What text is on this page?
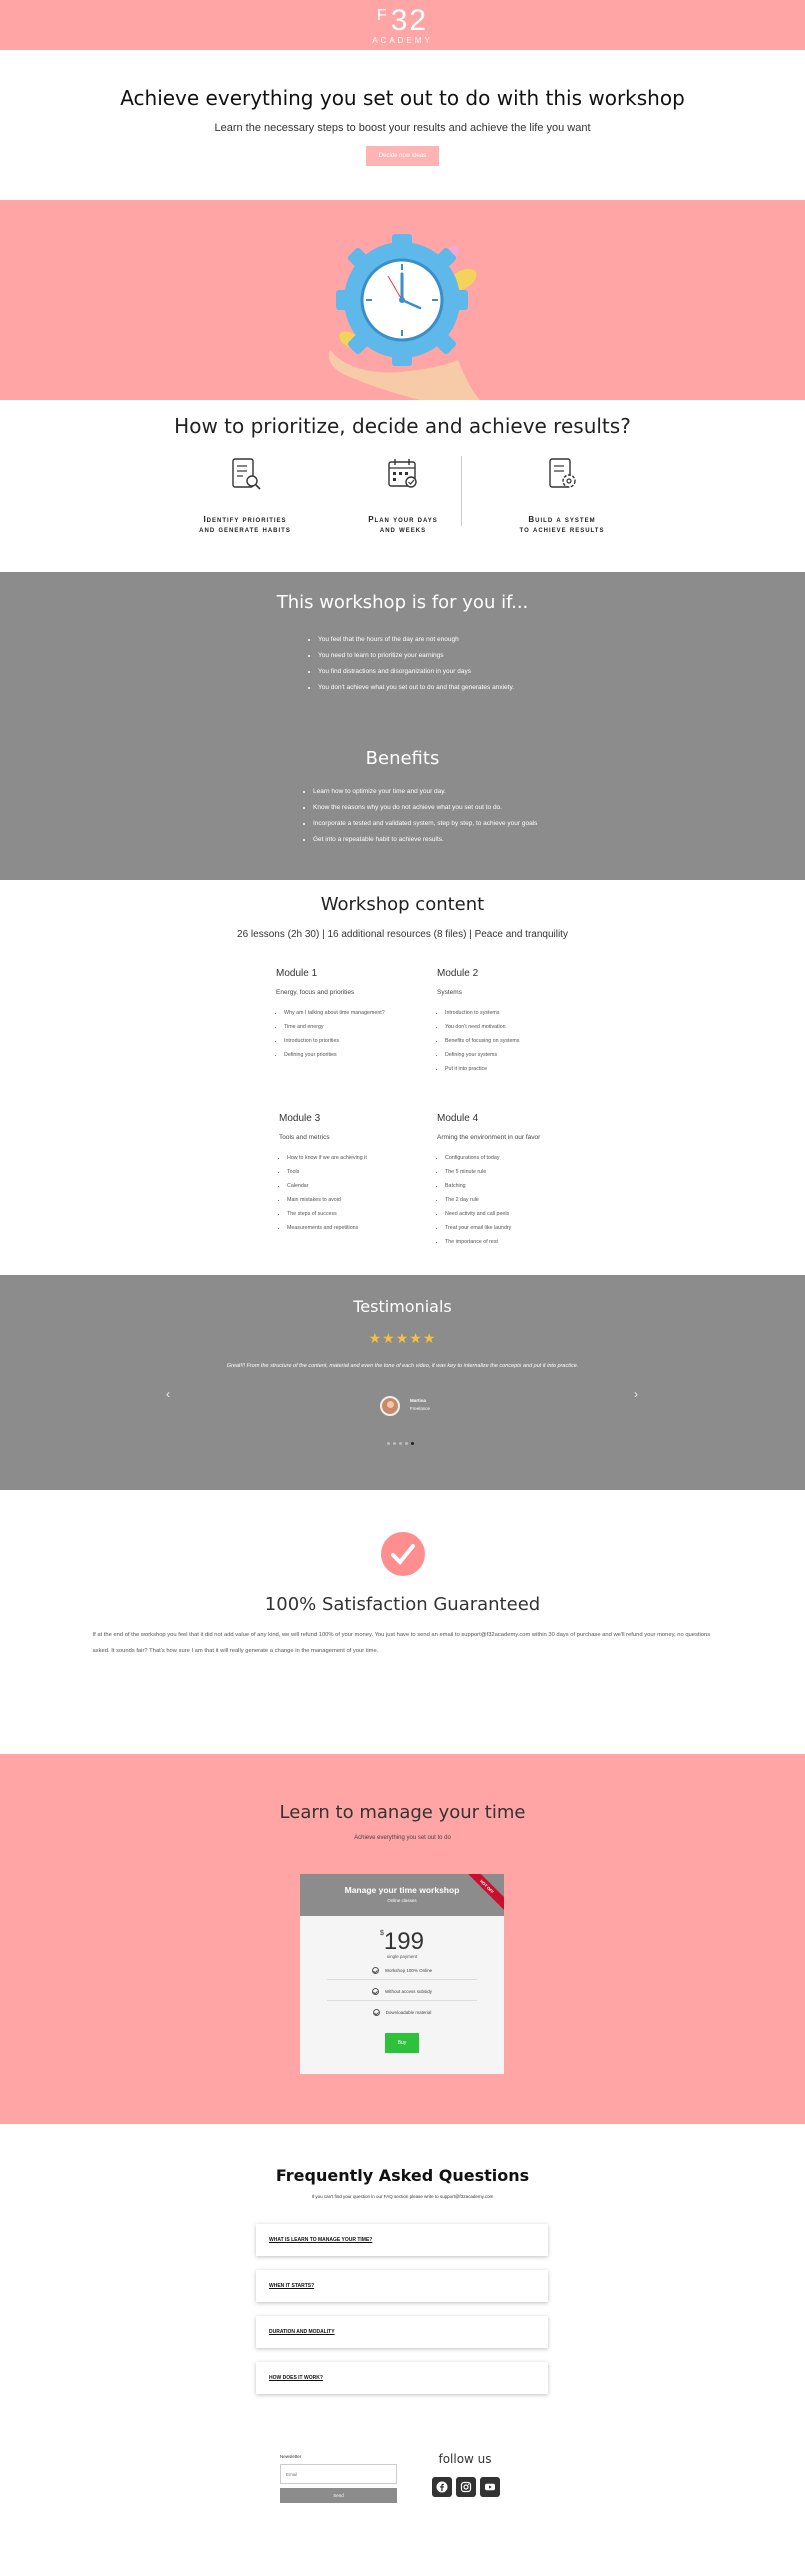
$^F$32
ACADEMY
Achieve everything you set out to do with this workshop

Learn the necessary steps to boost your results and achieve the life you want

Decide now ideas
How to prioritize, decide and achieve results?
Identify priorities
and generate habits
Plan your days
and weeks
Build a system
to achieve results
This workshop is for you if...
• You feel that the hours of the day are not enough
• You need to learn to prioritize your earnings
• You find distractions and disorganization in your days
• You don't achieve what you set out to do and that generates anxiety.
Benefits
• Learn how to optimize your time and your day.
• Know the reasons why you do not achieve what you set out to do.
• Incorporate a tested and validated system, step by step, to achieve your goals
• Get into a repeatable habit to achieve results.
Workshop content
26 lessons (2h 30) | 16 additional resources (8 files) | Peace and tranquility
Module 1
Energy, focus and priorities
• Why am I talking about time management?
• Time and energy
• Introduction to priorities
• Defining your priorities
Module 2
Systems
• Introduction to systems
• You don't need motivation
• Benefits of focusing on systems
• Defining your systems
• Put it into practice
Module 3
Tools and metrics
• How to know if we are achieving it
• Tools
• Calendar
• Main mistakes to avoid
• The steps of success
• Measurements and repetitions
Module 4
Arming the environment in our favor
• Configurations of today
• The 5 minute rule
• Batching
• The 2 day rule
• Need activity and call peels
• Treat your email like laundry
• The importance of rest
Testimonials
★★★★★
Great!!! From the structure of the content, material and even the tone of each video, it was key to internalize the concepts and put it into practice.
‹	›
Martina
Freelance
100% Satisfaction Guaranteed

If at the end of the workshop you feel that it did not add value of any kind, we will refund 100% of your money. You just have to send an email to support@f32academy.com within 30 days of purchase and we'll refund your money, no questions asked. It sounds fair? That's how sure I am that it will really generate a change in the management of your time.

Learn to manage your time
Achieve everything you set out to do
Manage your time workshop
Online classes
HOT OFF
$199
single payment
Workshop 100% Online
Without access subsidy
Downloadable material
Buy
Frequently Asked Questions
If you can't find your question in our FAQ section please write to support@f32academy.com
WHAT IS LEARN TO MANAGE YOUR TIME?
WHEN IT STARTS?
DURATION AND MODALITY
HOW DOES IT WORK?
Newsletter
Email
Send
follow us
